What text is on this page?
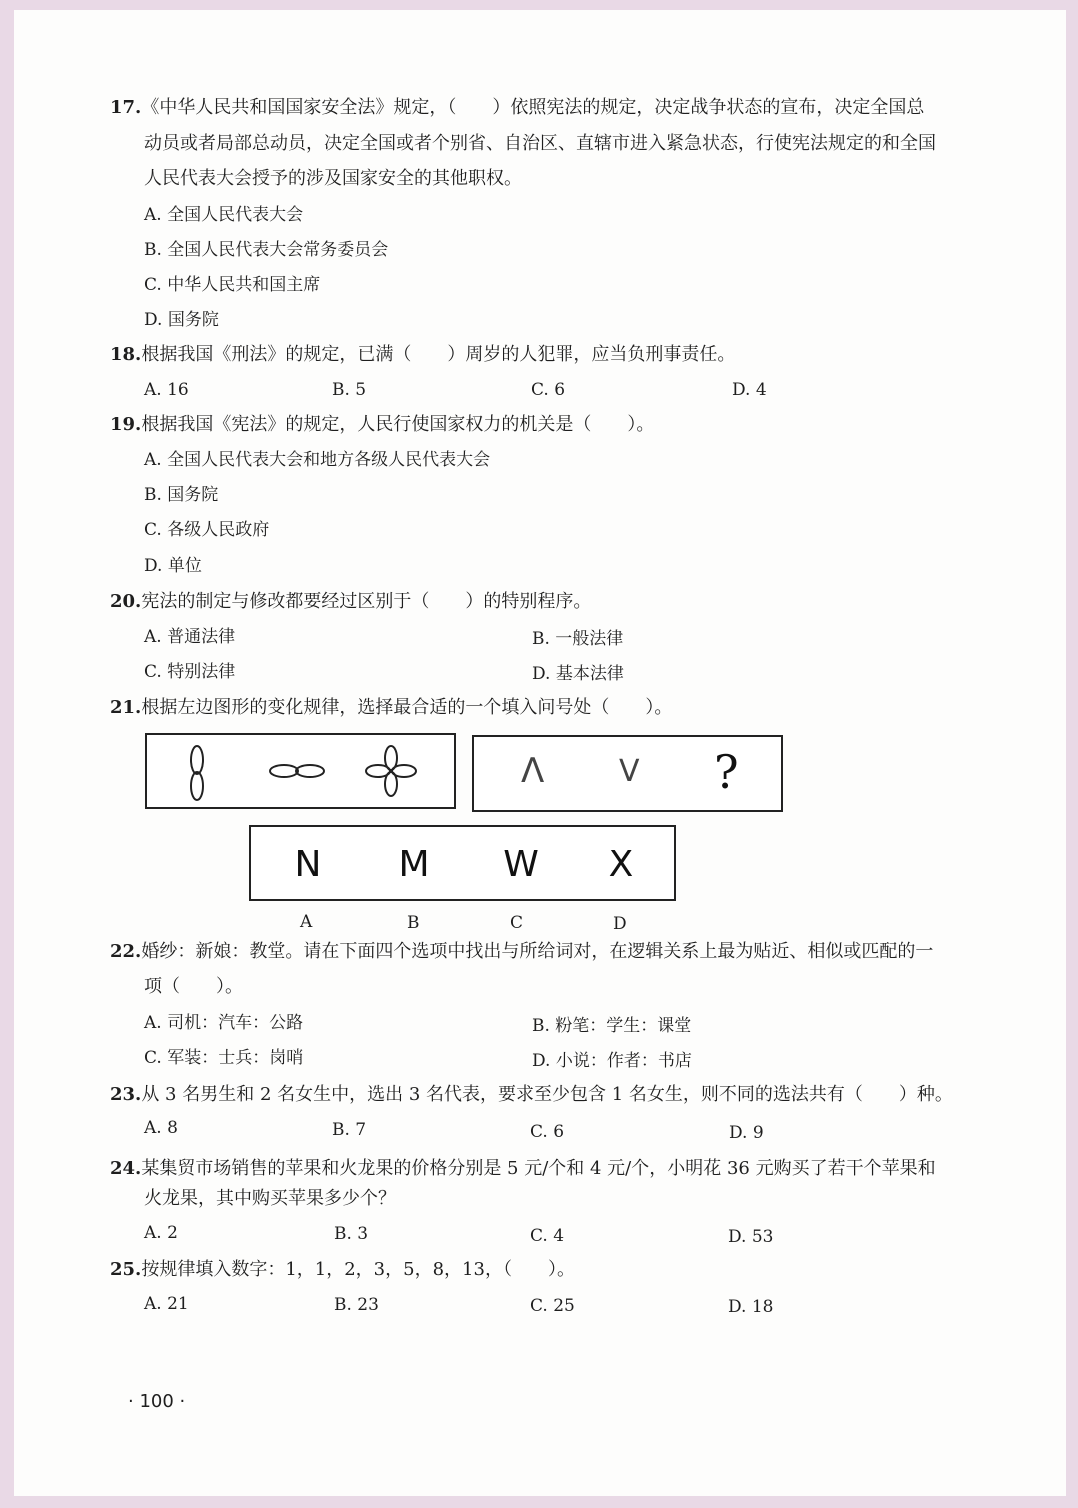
17.《中华人民共和国国家安全法》规定，（　　）依照宪法的规定，决定战争状态的宣布，决定全国总
动员或者局部总动员，决定全国或者个别省、自治区、直辖市进入紧急状态，行使宪法规定的和全国
人民代表大会授予的涉及国家安全的其他职权。
A. 全国人民代表大会
B. 全国人民代表大会常务委员会
C. 中华人民共和国主席
D. 国务院
18.根据我国《刑法》的规定，已满（　　）周岁的人犯罪，应当负刑事责任。
A. 16	B. 5	C. 6	D. 4
19.根据我国《宪法》的规定，人民行使国家权力的机关是（　　）。
A. 全国人民代表大会和地方各级人民代表大会
B. 国务院
C. 各级人民政府
D. 单位
20.宪法的制定与修改都要经过区别于（　　）的特别程序。
A. 普通法律	B. 一般法律
C. 特别法律	D. 基本法律
21.根据左边图形的变化规律，选择最合适的一个填入问号处（　　）。
Λ V ?
N M W X
A	B	C	D
22.婚纱：新娘：教堂。请在下面四个选项中找出与所给词对，在逻辑关系上最为贴近、相似或匹配的一
项（　　）。
A. 司机：汽车：公路	B. 粉笔：学生：课堂
C. 军装：士兵：岗哨	D. 小说：作者：书店
23.从 3 名男生和 2 名女生中，选出 3 名代表，要求至少包含 1 名女生，则不同的选法共有（　　）种。
A. 8	B. 7	C. 6	D. 9
24.某集贸市场销售的苹果和火龙果的价格分别是 5 元/个和 4 元/个，小明花 36 元购买了若干个苹果和
火龙果，其中购买苹果多少个？
A. 2	B. 3	C. 4	D. 53
25.按规律填入数字：1，1，2，3，5，8，13，（　　）。
A. 21	B. 23	C. 25	D. 18
· 100 ·
